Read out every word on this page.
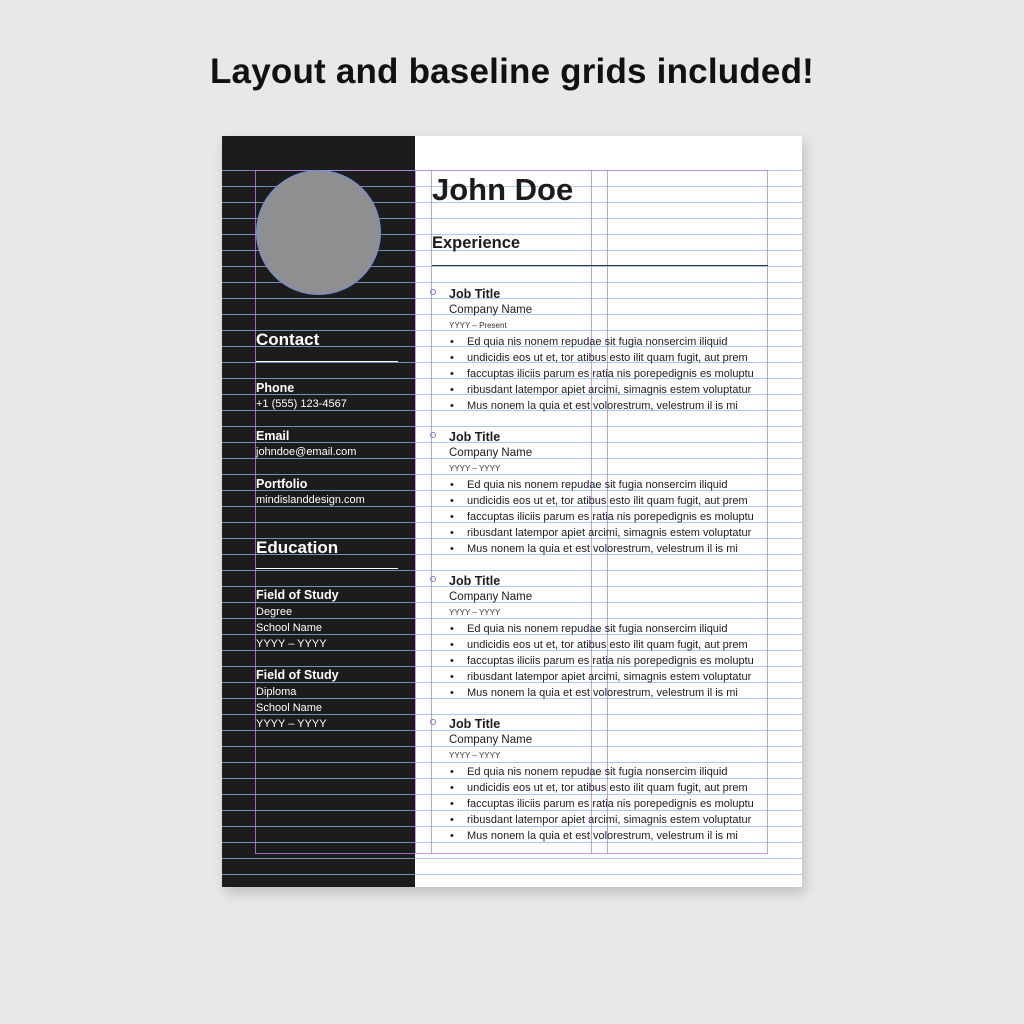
Layout and baseline grids included!
Contact
Phone
+1 (555) 123-4567
Email
johndoe@email.com
Portfolio
mindislanddesign.com
Education
Field of Study
Degree
School Name
YYYY – YYYY
Field of Study
Diploma
School Name
YYYY – YYYY
John Doe
Experience
Job Title
Company Name
YYYY – Present
• Ed quia nis nonem repudae sit fugia nonsercim iliquid
• undicidis eos ut et, tor atibus esto ilit quam fugit, aut prem
• faccuptas iliciis parum es ratia nis porepedignis es moluptu
• ribusdant latempor apiet arcimi, simagnis estem voluptatur
• Mus nonem la quia et est volorestrum, velestrum il is mi
Job Title
Company Name
YYYY – YYYY
• Ed quia nis nonem repudae sit fugia nonsercim iliquid
• undicidis eos ut et, tor atibus esto ilit quam fugit, aut prem
• faccuptas iliciis parum es ratia nis porepedignis es moluptu
• ribusdant latempor apiet arcimi, simagnis estem voluptatur
• Mus nonem la quia et est volorestrum, velestrum il is mi
Job Title
Company Name
YYYY – YYYY
• Ed quia nis nonem repudae sit fugia nonsercim iliquid
• undicidis eos ut et, tor atibus esto ilit quam fugit, aut prem
• faccuptas iliciis parum es ratia nis porepedignis es moluptu
• ribusdant latempor apiet arcimi, simagnis estem voluptatur
• Mus nonem la quia et est volorestrum, velestrum il is mi
Job Title
Company Name
YYYY – YYYY
• Ed quia nis nonem repudae sit fugia nonsercim iliquid
• undicidis eos ut et, tor atibus esto ilit quam fugit, aut prem
• faccuptas iliciis parum es ratia nis porepedignis es moluptu
• ribusdant latempor apiet arcimi, simagnis estem voluptatur
• Mus nonem la quia et est volorestrum, velestrum il is mi
